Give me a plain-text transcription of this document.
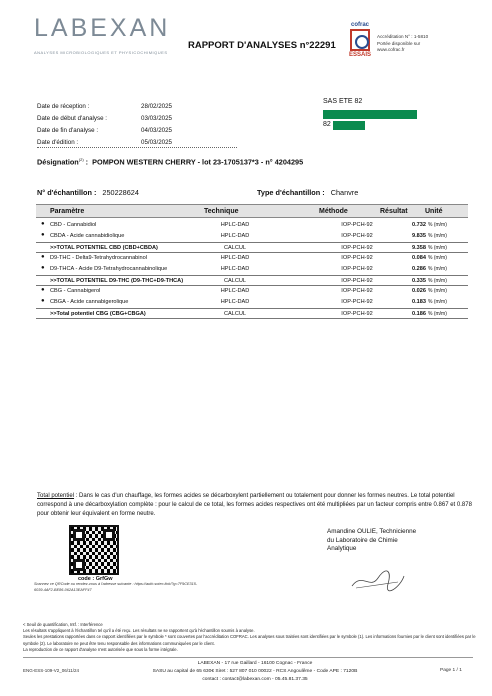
LABEXAN
ANALYSES MICROBIOLOGIQUES ET PHYSICOCHIMIQUES
RAPPORT D'ANALYSES n°22291
cofrac
ESSAIS
Accréditation N° : 1-5810
Portée disponible sur
www.cofrac.fr
Date de réception :	28/02/2025
Date de début d'analyse :	03/03/2025
Date de fin d'analyse :	04/03/2025
Date d'édition :	05/03/2025
SAS ETE 82
82
Désignation$^{(2)}$ :  POMPON WESTERN CHERRY - lot 23-1705137*3 - n° 4204295
N° d'échantillon : 250228624	Type d'échantillon : Chanvre
Paramètre	Technique	Méthode	Résultat Unité
● CBD - Cannabidiol	HPLC-DAD	IOP-PCH-92	0.732 % (m/m)
● CBDA - Acide cannabidiolique	HPLC-DAD	IOP-PCH-92	9.835 % (m/m)
>>TOTAL POTENTIEL CBD (CBD+CBDA)	CALCUL	IOP-PCH-92	9.358 % (m/m)
● D9-THC - Delta9-Tetrahydrocannabinol	HPLC-DAD	IOP-PCH-92	0.084 % (m/m)
● D9-THCA - Acide D9-Tetrahydrocannabinolique	HPLC-DAD	IOP-PCH-92	0.286 % (m/m)
>>TOTAL POTENTIEL D9-THC (D9-THC+D9-THCA)	CALCUL	IOP-PCH-92	0.335 % (m/m)
● CBG - Cannabigerol	HPLC-DAD	IOP-PCH-92	0.026 % (m/m)
● CBGA - Acide cannabigerolique	HPLC-DAD	IOP-PCH-92	0.183 % (m/m)
>>Total potentiel CBG (CBG+CBGA)	CALCUL	IOP-PCH-92	0.186 % (m/m)
Total potentiel : Dans le cas d'un chauffage, les formes acides se décarboxylent partiellement ou totalement pour donner les formes neutres. Le total potentiel correspond à une décarboxylation complète : pour le calcul de ce total, les formes acides respectives ont été multipliées par un facteur compris entre 0.867 et 0.878 pour obtenir leur équivalent en forme neutre.
code : GrfGw
Scannez ce QRCode ou rendez-vous à l'adresse suivante : https://auth.sotec.link/?g=7F9CE315-6039-4AF2-BE86-062A13EAFF47
Amandine OULIE, Technicienne
du Laboratoire de Chimie
Analytique
< Seuil de quantification, Intf. : Interférence
Les résultats s'appliquent à l'échantillon tel qu'il a été reçu. Les résultats ne se rapportent qu'à l'échantillon soumis à analyse.
Seules les prestations rapportées dans ce rapport identifiées par le symbole * sont couvertes par l'accréditation COFRAC. Les analyses sous traitées sont identifiées par le symbole (1). Les informations fournies par le client sont identifiées par le symbole (2). Le laboratoire ne peut être tenu responsable des informations communiquées par le client.
La reproduction de ce rapport d'analyse n'est autorisée que sous la forme intégrale.
ENG-ESS-109-V2_06/11/24
LABEXAN - 17 rue Gaillard - 16100 Cognac - France
SASU au capital de 65 630€ Siret : 527 807 010 00022 - RCS Angoulême - Code APE : 7120B
contact : contact@labexan.com - 05.45.81.37.35
Page 1 / 1
